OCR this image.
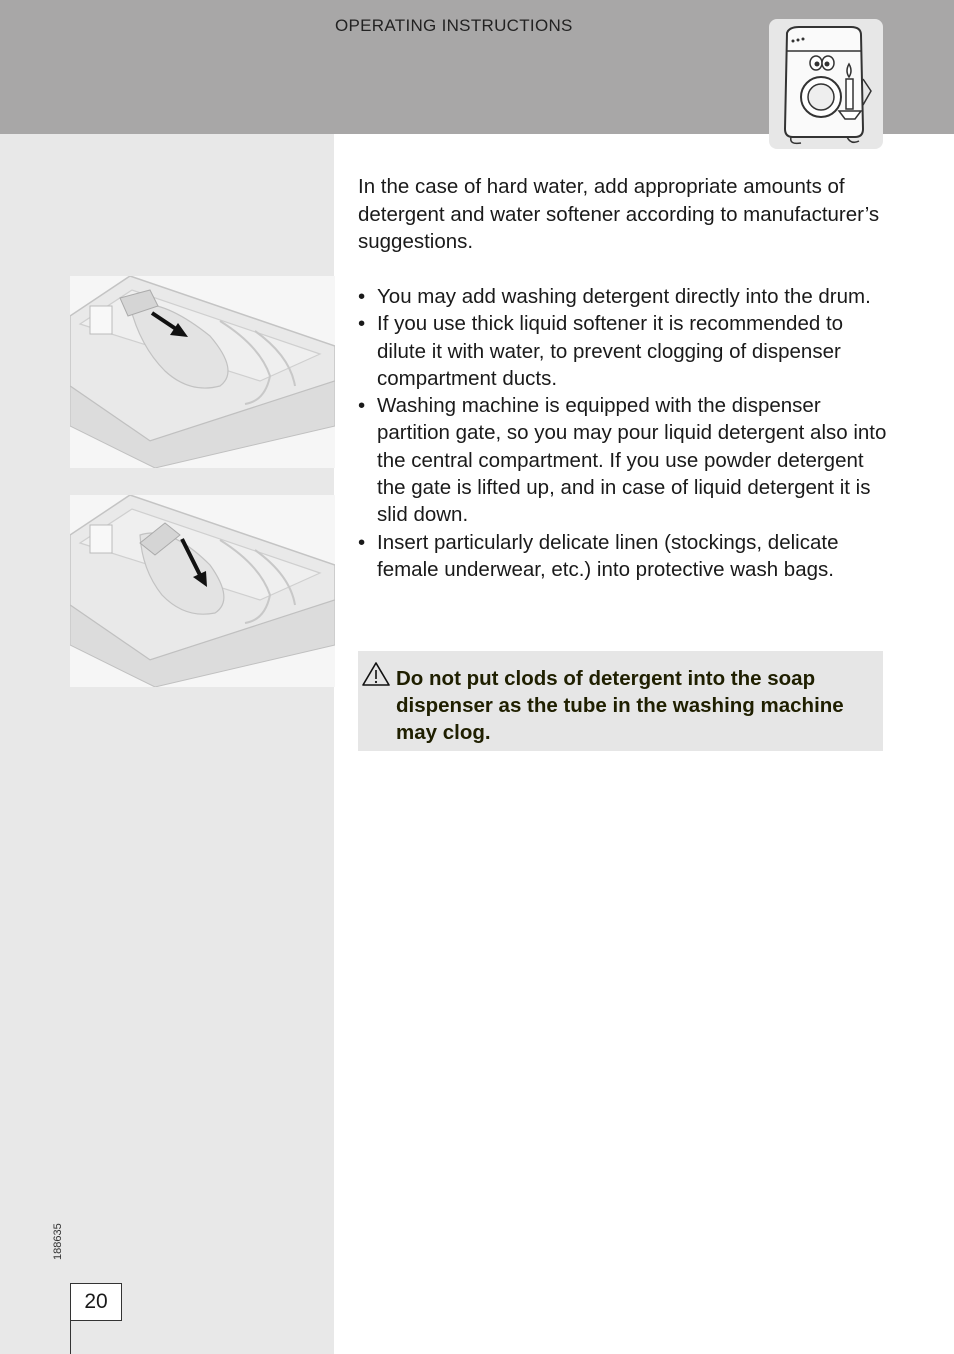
OPERATING INSTRUCTIONS

In the case of hard water, add appropriate amounts of detergent and water softener according to manufacturer’s suggestions.

• You may add washing detergent directly into the drum.
• If you use thick liquid softener it is recommended to dilute it with water, to prevent clogging of dispenser compartment ducts.
• Washing machine is equipped with the dispenser partition gate, so you may pour liquid detergent also into the central compartment. If you use powder detergent the gate is lifted up, and in case of liquid detergent it is slid down.
• Insert particularly delicate linen (stockings, delicate female underwear, etc.) into protective wash bags.

Do not put clods of detergent into the soap dispenser as the tube in the washing machine may clog.

188635
20
